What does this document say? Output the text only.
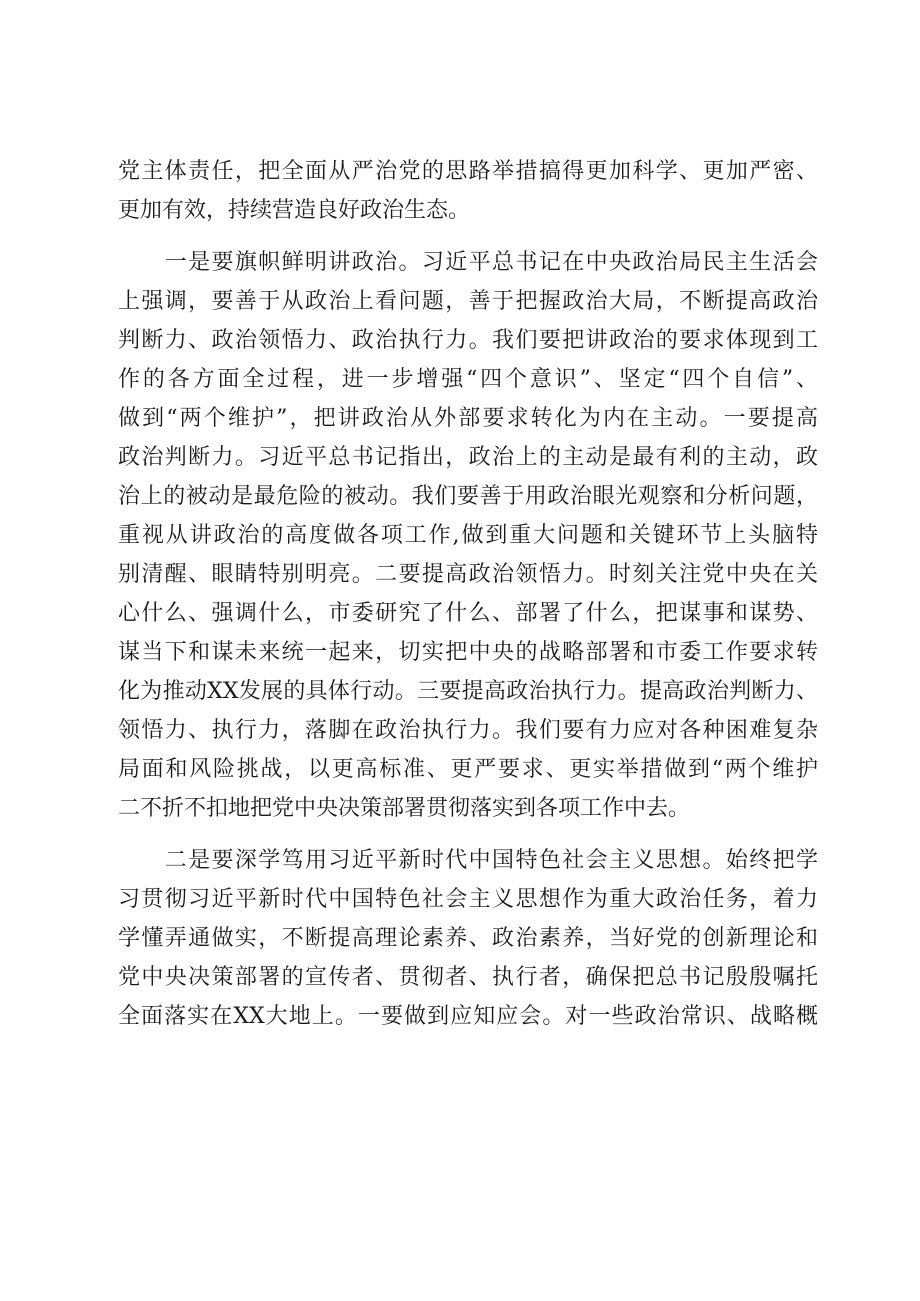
党主体责任，把全面从严治党的思路举措搞得更加科学、更加严密、
更加有效，持续营造良好政治生态。
　　一是要旗帜鲜明讲政治。习近平总书记在中央政治局民主生活会
上强调，要善于从政治上看问题，善于把握政治大局，不断提高政治
判断力、政治领悟力、政治执行力。我们要把讲政治的要求体现到工
作的各方面全过程，进一步增强“四个意识”、坚定“四个自信”、
做到“两个维护”，把讲政治从外部要求转化为内在主动。一要提高
政治判断力。习近平总书记指出，政治上的主动是最有利的主动，政
治上的被动是最危险的被动。我们要善于用政治眼光观察和分析问题，
重视从讲政治的高度做各项工作,做到重大问题和关键环节上头脑特
别清醒、眼睛特别明亮。二要提高政治领悟力。时刻关注党中央在关
心什么、强调什么，市委研究了什么、部署了什么，把谋事和谋势、
谋当下和谋未来统一起来，切实把中央的战略部署和市委工作要求转
化为推动XX发展的具体行动。三要提高政治执行力。提高政治判断力、
领悟力、执行力，落脚在政治执行力。我们要有力应对各种困难复杂
局面和风险挑战，以更高标准、更严要求、更实举措做到“两个维护
二不折不扣地把党中央决策部署贯彻落实到各项工作中去。
　　二是要深学笃用习近平新时代中国特色社会主义思想。始终把学
习贯彻习近平新时代中国特色社会主义思想作为重大政治任务，着力
学懂弄通做实，不断提高理论素养、政治素养，当好党的创新理论和
党中央决策部署的宣传者、贯彻者、执行者，确保把总书记殷殷嘱托
全面落实在XX大地上。一要做到应知应会。对一些政治常识、战略概
